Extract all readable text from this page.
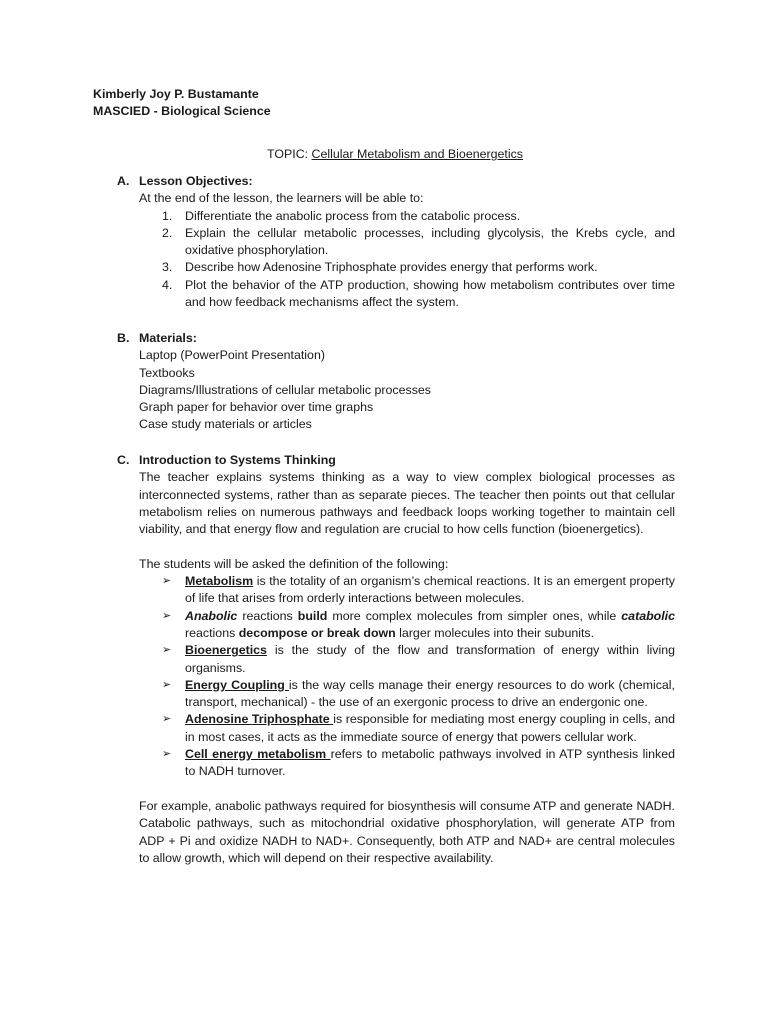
Kimberly Joy P. Bustamante
MASCIED - Biological Science
TOPIC: Cellular Metabolism and Bioenergetics
A. Lesson Objectives:
At the end of the lesson, the learners will be able to:
1.	Differentiate the anabolic process from the catabolic process.
2.	Explain the cellular metabolic processes, including glycolysis, the Krebs cycle, and oxidative phosphorylation.
3.	Describe how Adenosine Triphosphate provides energy that performs work.
4.	Plot the behavior of the ATP production, showing how metabolism contributes over time and how feedback mechanisms affect the system.
B. Materials:
Laptop (PowerPoint Presentation)
Textbooks
Diagrams/Illustrations of cellular metabolic processes
Graph paper for behavior over time graphs
Case study materials or articles
C. Introduction to Systems Thinking
The teacher explains systems thinking as a way to view complex biological processes as interconnected systems, rather than as separate pieces. The teacher then points out that cellular metabolism relies on numerous pathways and feedback loops working together to maintain cell viability, and that energy flow and regulation are crucial to how cells function (bioenergetics).
The students will be asked the definition of the following:
➢	Metabolism is the totality of an organism’s chemical reactions. It is an emergent property of life that arises from orderly interactions between molecules.
➢	Anabolic reactions build more complex molecules from simpler ones, while catabolic reactions decompose or break down larger molecules into their subunits.
➢	Bioenergetics is the study of the flow and transformation of energy within living organisms.
➢	Energy Coupling is the way cells manage their energy resources to do work (chemical, transport, mechanical) - the use of an exergonic process to drive an endergonic one.
➢	Adenosine Triphosphate is responsible for mediating most energy coupling in cells, and in most cases, it acts as the immediate source of energy that powers cellular work.
➢	Cell energy metabolism refers to metabolic pathways involved in ATP synthesis linked to NADH turnover.
For example, anabolic pathways required for biosynthesis will consume ATP and generate NADH. Catabolic pathways, such as mitochondrial oxidative phosphorylation, will generate ATP from ADP + Pi and oxidize NADH to NAD+. Consequently, both ATP and NAD+ are central molecules to allow growth, which will depend on their respective availability.
